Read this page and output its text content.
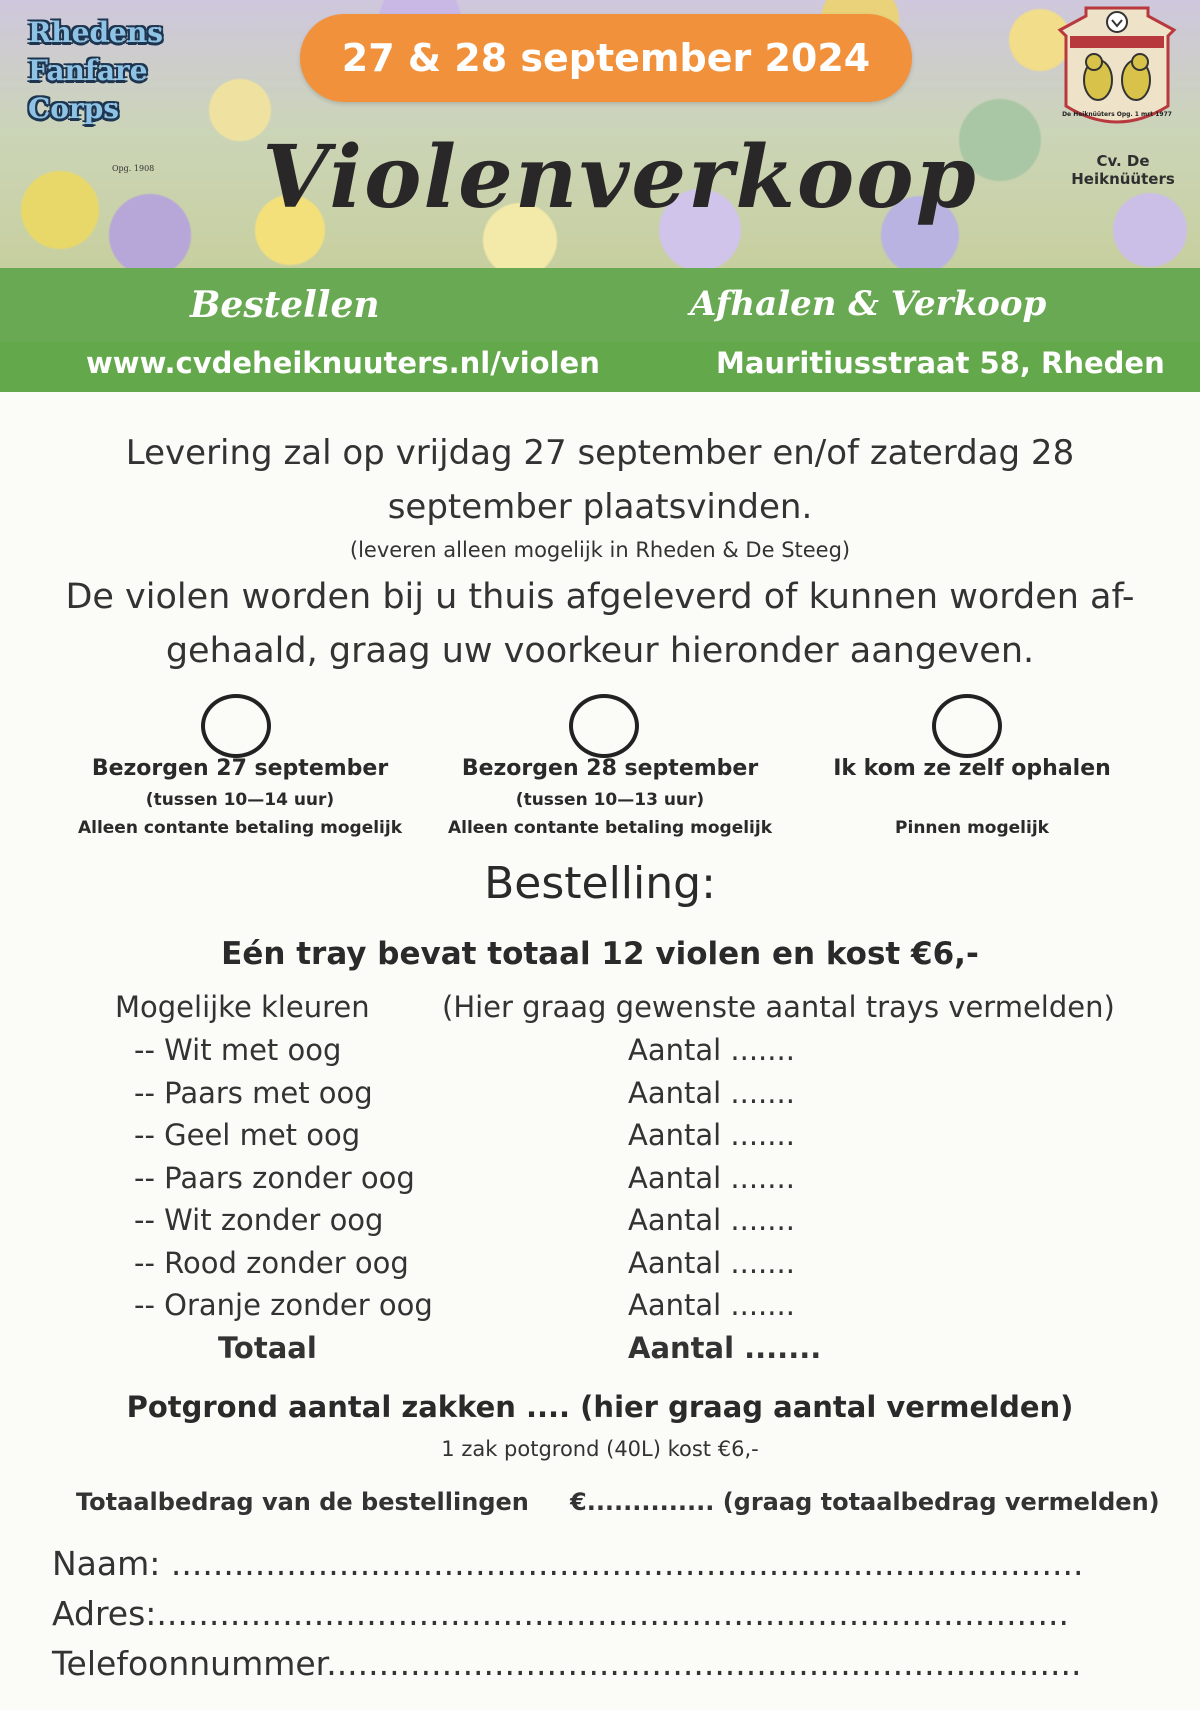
Rhedens
Fanfare
Corps
Opg. 1908
27 & 28 september 2024
Violenverkoop
De Heiknüüters Opg. 1 mrt 1977
Cv. De Heiknüüters
Bestellen	Afhalen & Verkoop
www.cvdeheiknuuters.nl/violen	Mauritiusstraat 58, Rheden
Levering zal op vrijdag 27 september en/of zaterdag 28
september plaatsvinden.
(leveren alleen mogelijk in Rheden & De Steeg)
De violen worden bij u thuis afgeleverd of kunnen worden af-
gehaald, graag uw voorkeur hieronder aangeven.
Bezorgen 27 september
(tussen 10—14 uur)
Alleen contante betaling mogelijk
Bezorgen 28 september
(tussen 10—13 uur)
Alleen contante betaling mogelijk
Ik kom ze zelf ophalen
Pinnen mogelijk
Bestelling:
Eén tray bevat totaal 12 violen en kost €6,-
Mogelijke kleuren (Hier graag gewenste aantal trays vermelden)
-- Wit met oog	Aantal .......
-- Paars met oog	Aantal .......
-- Geel met oog	Aantal .......
-- Paars zonder oog	Aantal .......
-- Wit zonder oog	Aantal .......
-- Rood zonder oog	Aantal .......
-- Oranje zonder oog	Aantal .......
Totaal	Aantal .......
Potgrond aantal zakken .... (hier graag aantal vermelden)
1 zak potgrond (40L) kost €6,-
Totaalbedrag van de bestellingen €.............. (graag totaalbedrag vermelden)
Naam: .......................................................................................
Adres:.......................................................................................
Telefoonnummer........................................................................
